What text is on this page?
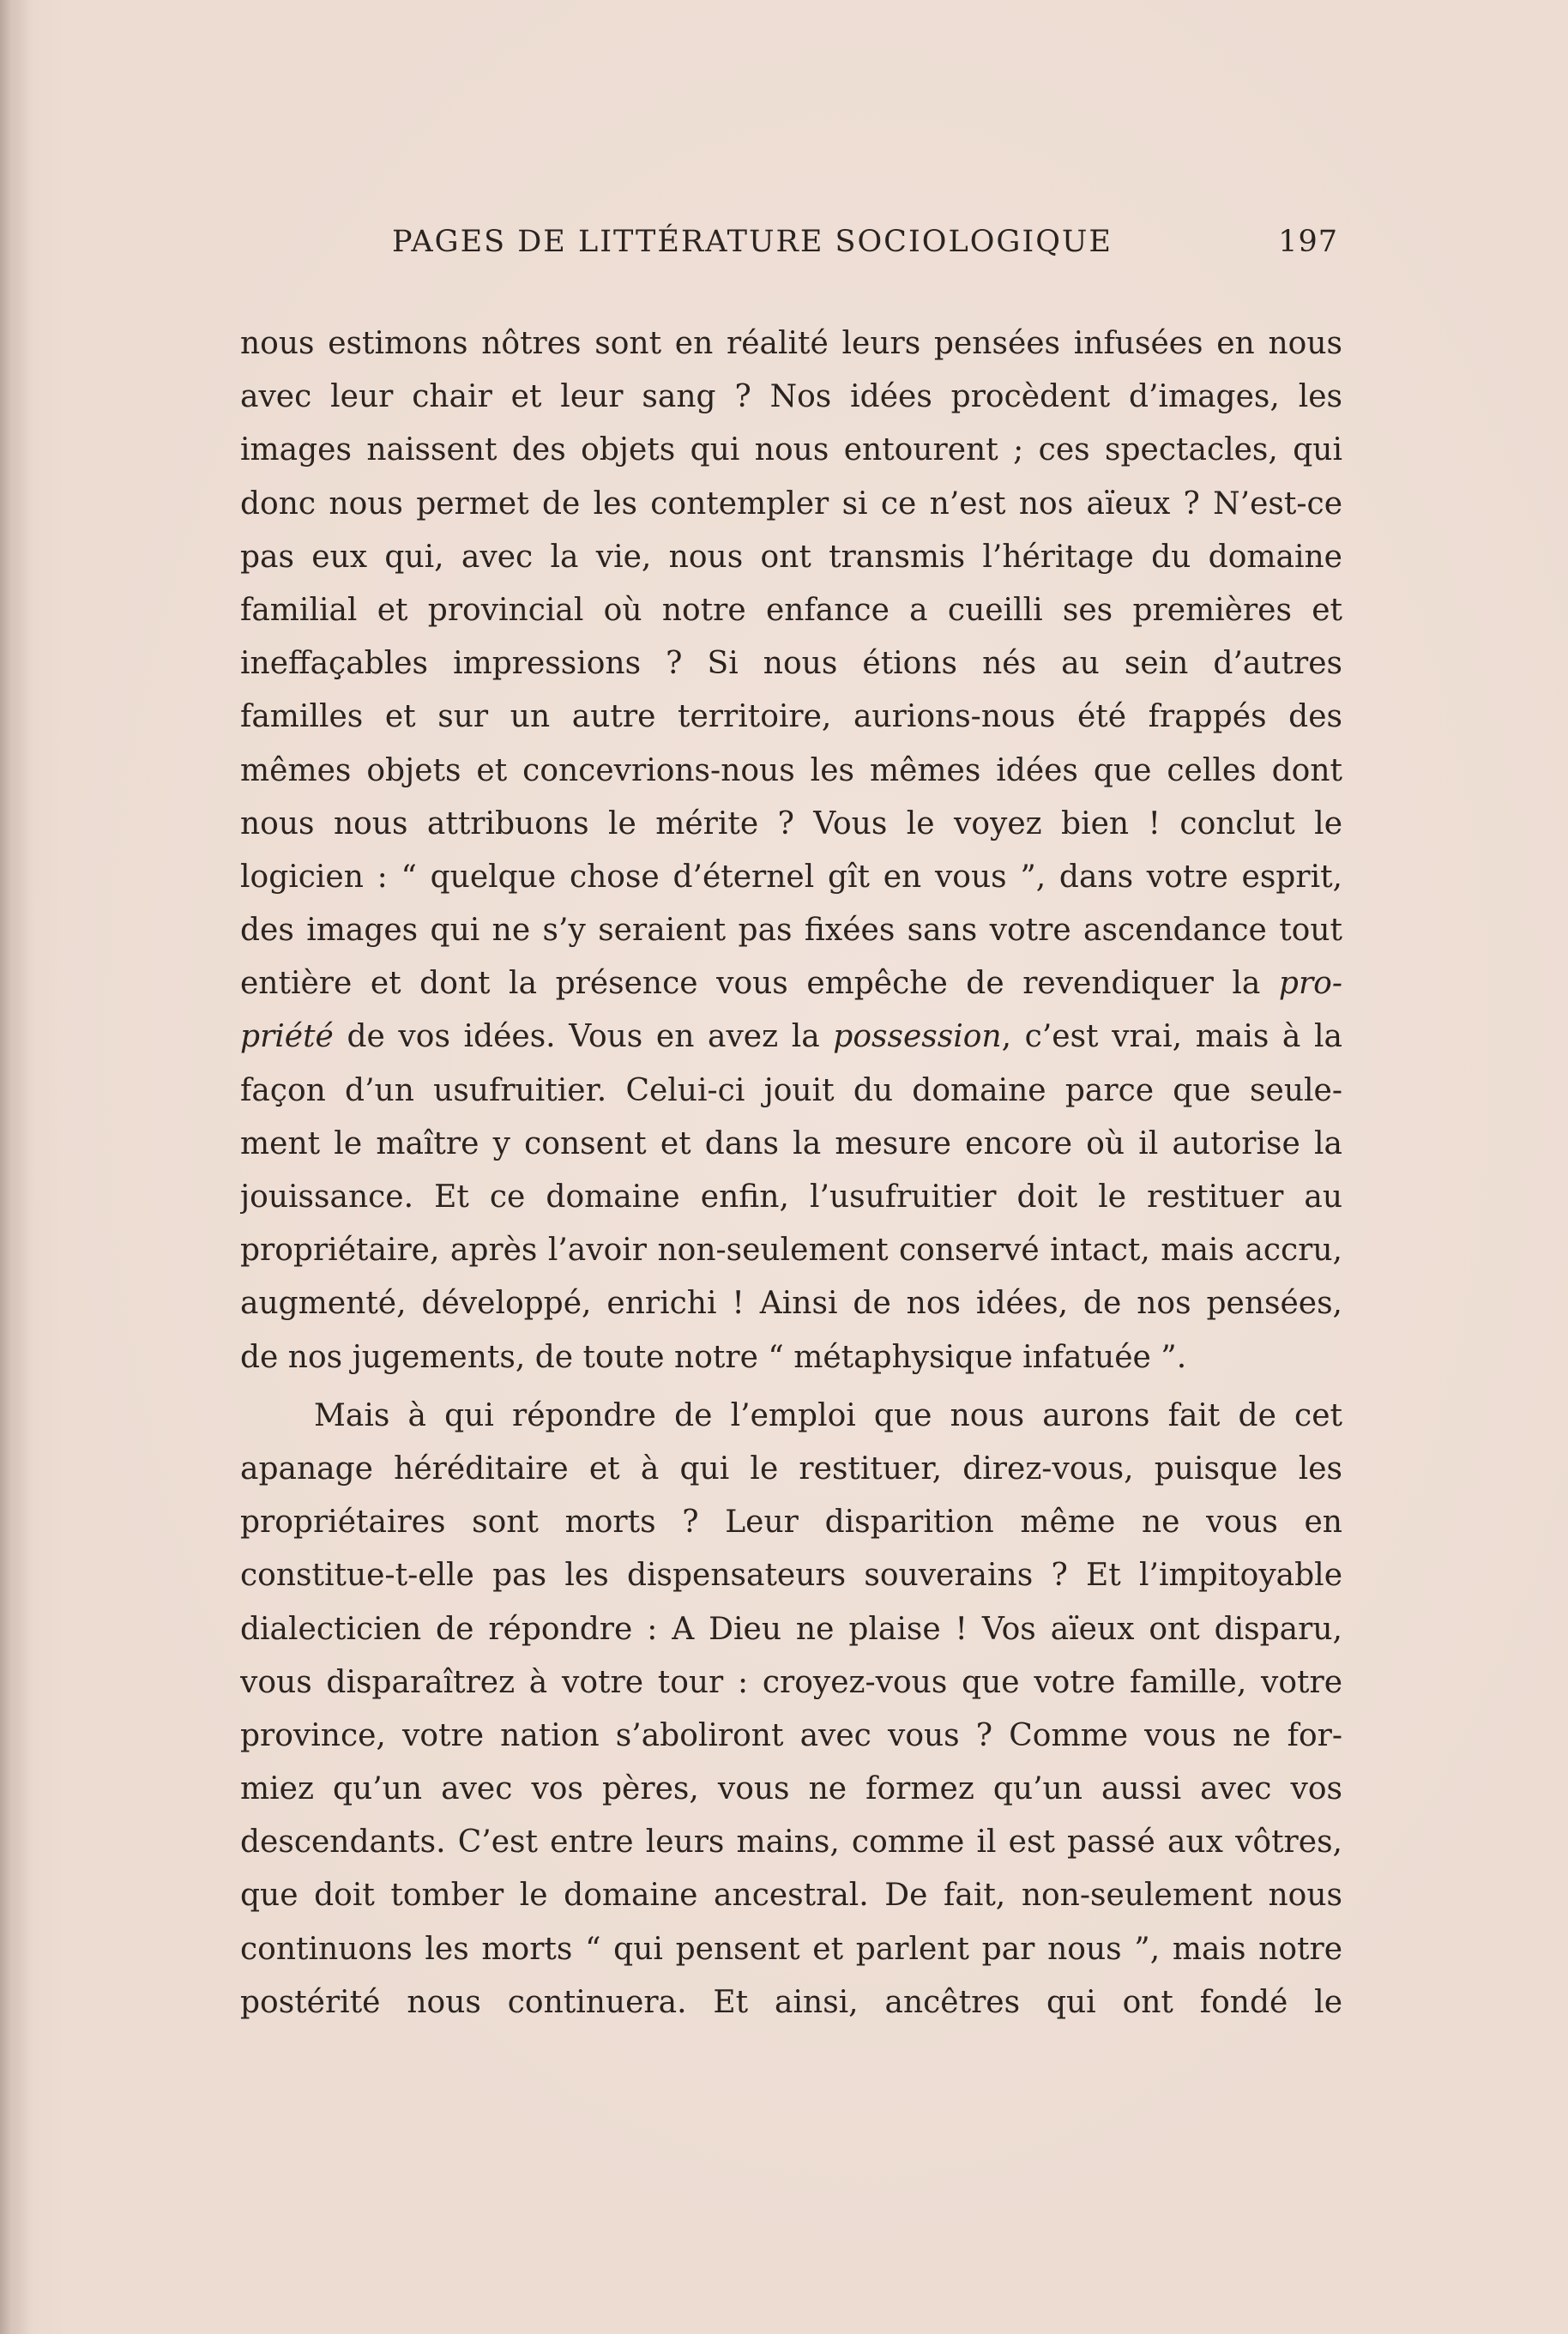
PAGES DE LITTÉRATURE SOCIOLOGIQUE	197
nous estimons nôtres sont en réalité leurs pensées infusées en nous
avec leur chair et leur sang ? Nos idées procèdent d’images, les
images naissent des objets qui nous entourent ; ces spectacles, qui
donc nous permet de les contempler si ce n’est nos aïeux ? N’est-ce
pas eux qui, avec la vie, nous ont transmis l’héritage du domaine
familial et provincial où notre enfance a cueilli ses premières et
ineffaçables impressions ? Si nous étions nés au sein d’autres
familles et sur un autre territoire, aurions-nous été frappés des
mêmes objets et concevrions-nous les mêmes idées que celles dont
nous nous attribuons le mérite ? Vous le voyez bien ! conclut le
logicien : “ quelque chose d’éternel gît en vous ”, dans votre esprit,
des images qui ne s’y seraient pas fixées sans votre ascendance tout
entière et dont la présence vous empêche de revendiquer la pro-
priété de vos idées. Vous en avez la possession, c’est vrai, mais à la
façon d’un usufruitier. Celui-ci jouit du domaine parce que seule-
ment le maître y consent et dans la mesure encore où il autorise la
jouissance. Et ce domaine enfin, l’usufruitier doit le restituer au
propriétaire, après l’avoir non-seulement conservé intact, mais accru,
augmenté, développé, enrichi ! Ainsi de nos idées, de nos pensées,
de nos jugements, de toute notre “ métaphysique infatuée ”.
Mais à qui répondre de l’emploi que nous aurons fait de cet
apanage héréditaire et à qui le restituer, direz-vous, puisque les
propriétaires sont morts ? Leur disparition même ne vous en
constitue-t-elle pas les dispensateurs souverains ? Et l’impitoyable
dialecticien de répondre : A Dieu ne plaise ! Vos aïeux ont disparu,
vous disparaîtrez à votre tour : croyez-vous que votre famille, votre
province, votre nation s’aboliront avec vous ? Comme vous ne for-
miez qu’un avec vos pères, vous ne formez qu’un aussi avec vos
descendants. C’est entre leurs mains, comme il est passé aux vôtres,
que doit tomber le domaine ancestral. De fait, non-seulement nous
continuons les morts “ qui pensent et parlent par nous ”, mais notre
postérité nous continuera. Et ainsi, ancêtres qui ont fondé le
